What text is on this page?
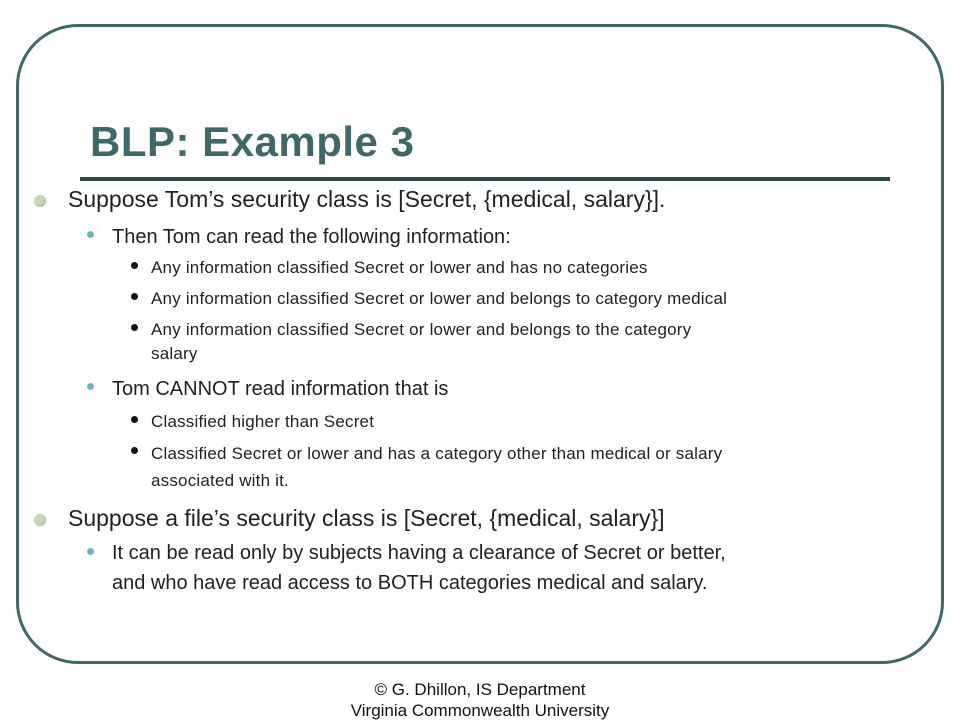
BLP: Example 3
Suppose Tom’s security class is [Secret, {medical, salary}].
Then Tom can read the following information:
Any information classified Secret or lower and has no categories
Any information classified Secret or lower and belongs to category medical
Any information classified Secret or lower and belongs to the category
salary
Tom CANNOT read information that is
Classified higher than Secret
Classified Secret or lower and has a category other than medical or salary
associated with it.
Suppose a file’s security class is [Secret, {medical, salary}]
It can be read only by subjects having a clearance of Secret or better,
and who have read access to BOTH categories medical and salary.
© G. Dhillon, IS Department
Virginia Commonwealth University
